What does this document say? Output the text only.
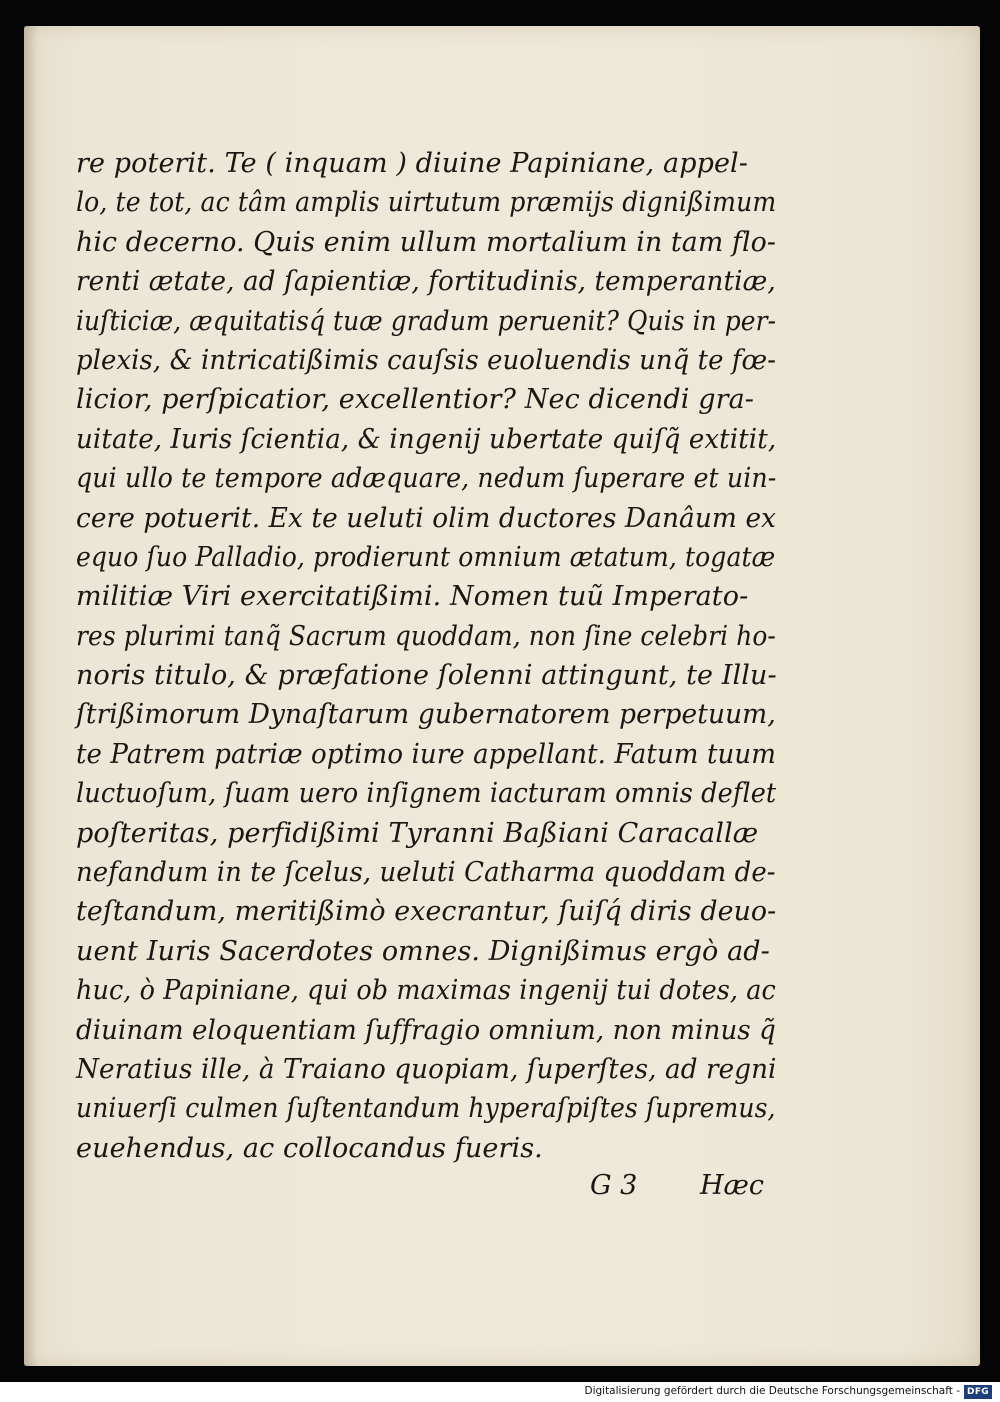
re poterit. Te ( inquam ) diuine Papiniane, appel-
lo, te tot, ac tâm amplis uirtutum præmijs dignißimum
hic decerno. Quis enim ullum mortalium in tam flo-
renti ætate, ad ſapientiæ, fortitudinis, temperantiæ,
iuſticiæ, æquitatisq́ tuæ gradum peruenit? Quis in per-
plexis, & intricatißimis cauſsis euoluendis unq̃ te fœ-
licior, perſpicatior, excellentior? Nec dicendi gra-
uitate, Iuris ſcientia, & ingenij ubertate quiſq̃ extitit,
qui ullo te tempore adæquare, nedum ſuperare et uin-
cere potuerit. Ex te ueluti olim ductores Danâum ex
equo ſuo Palladio, prodierunt omnium ætatum, togatæ
militiæ Viri exercitatißimi. Nomen tuũ Imperato-
res plurimi tanq̃ Sacrum quoddam, non ſine celebri ho-
noris titulo, & præfatione ſolenni attingunt, te Illu-
ſtrißimorum Dynaſtarum gubernatorem perpetuum,
te Patrem patriæ optimo iure appellant. Fatum tuum
luctuoſum, ſuam uero inſignem iacturam omnis deflet
poſteritas, perfidißimi Tyranni Baßiani Caracallæ
nefandum in te ſcelus, ueluti Catharma quoddam de-
teſtandum, meritißimò execrantur, ſuiſq́ diris deuo-
uent Iuris Sacerdotes omnes. Dignißimus ergò ad-
huc, ò Papiniane, qui ob maximas ingenij tui dotes, ac
diuinam eloquentiam ſuffragio omnium, non minus q̃
Neratius ille, à Traiano quopiam, ſuperſtes, ad regni
uniuerſi culmen ſuſtentandum hyperaſpiſtes ſupremus,
euehendus, ac collocandus fueris.
G 3 Hæc
Digitalisierung gefördert durch die Deutsche Forschungsgemeinschaft - DFG
